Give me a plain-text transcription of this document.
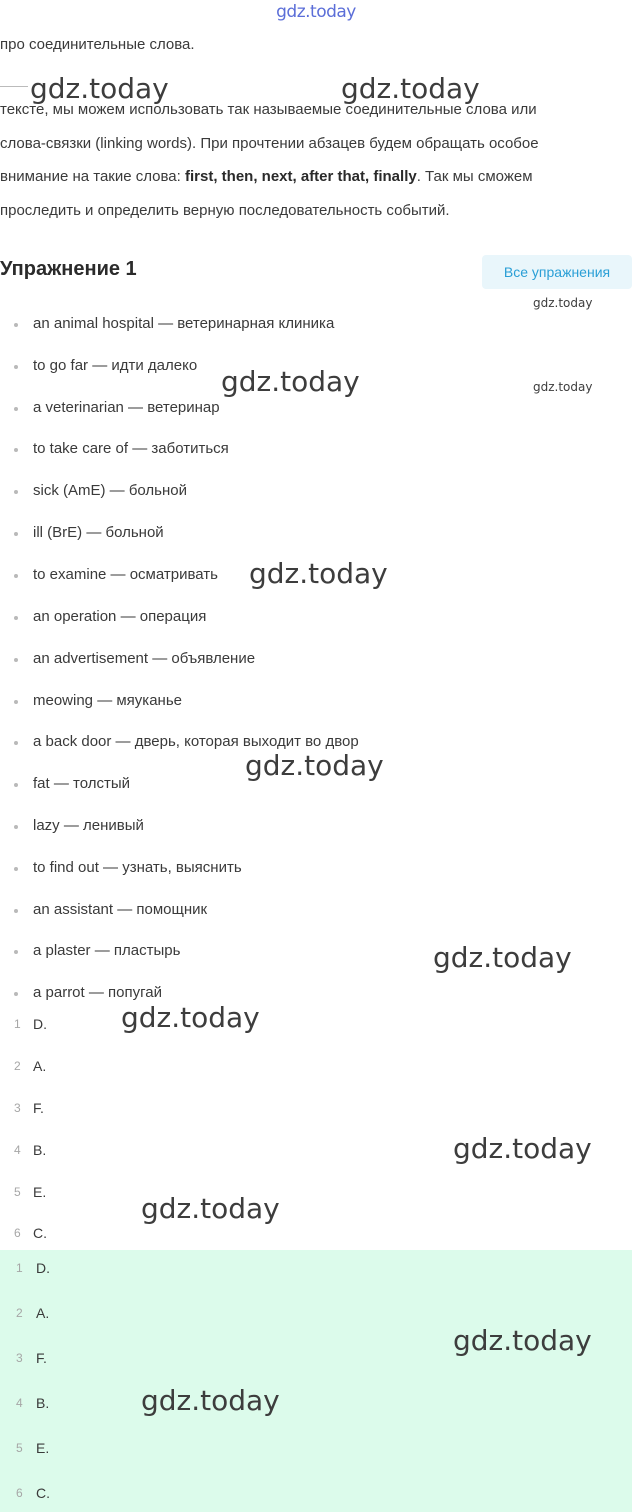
gdz.today
про соединительные слова.
тексте, мы можем использовать так называемые соединительные слова или
слова-связки (linking words). При прочтении абзацев будем обращать особое
внимание на такие слова: first, then, next, after that, finally. Так мы сможем
проследить и определить верную последовательность событий.
Упражнение 1	Все упражнения
an animal hospital — ветеринарная клиника
to go far — идти далеко
a veterinarian — ветеринар
to take care of — заботиться
sick (AmE) — больной
ill (BrE) — больной
to examine — осматривать
an operation — операция
an advertisement — объявление
meowing — мяуканье
a back door — дверь, которая выходит во двор
fat — толстый
lazy — ленивый
to find out — узнать, выяснить
an assistant — помощник
a plaster — пластырь
a parrot — попугай
1 D.
2 A.
3 F.
4 B.
5 E.
6 C.
1 D.
2 A.
3 F.
4 B.
5 E.
6 C.
gdz.today	gdz.today
gdz.today
gdz.today	gdz.today
gdz.today
gdz.today
gdz.today
gdz.today
gdz.today
gdz.today
gdz.today
gdz.today
